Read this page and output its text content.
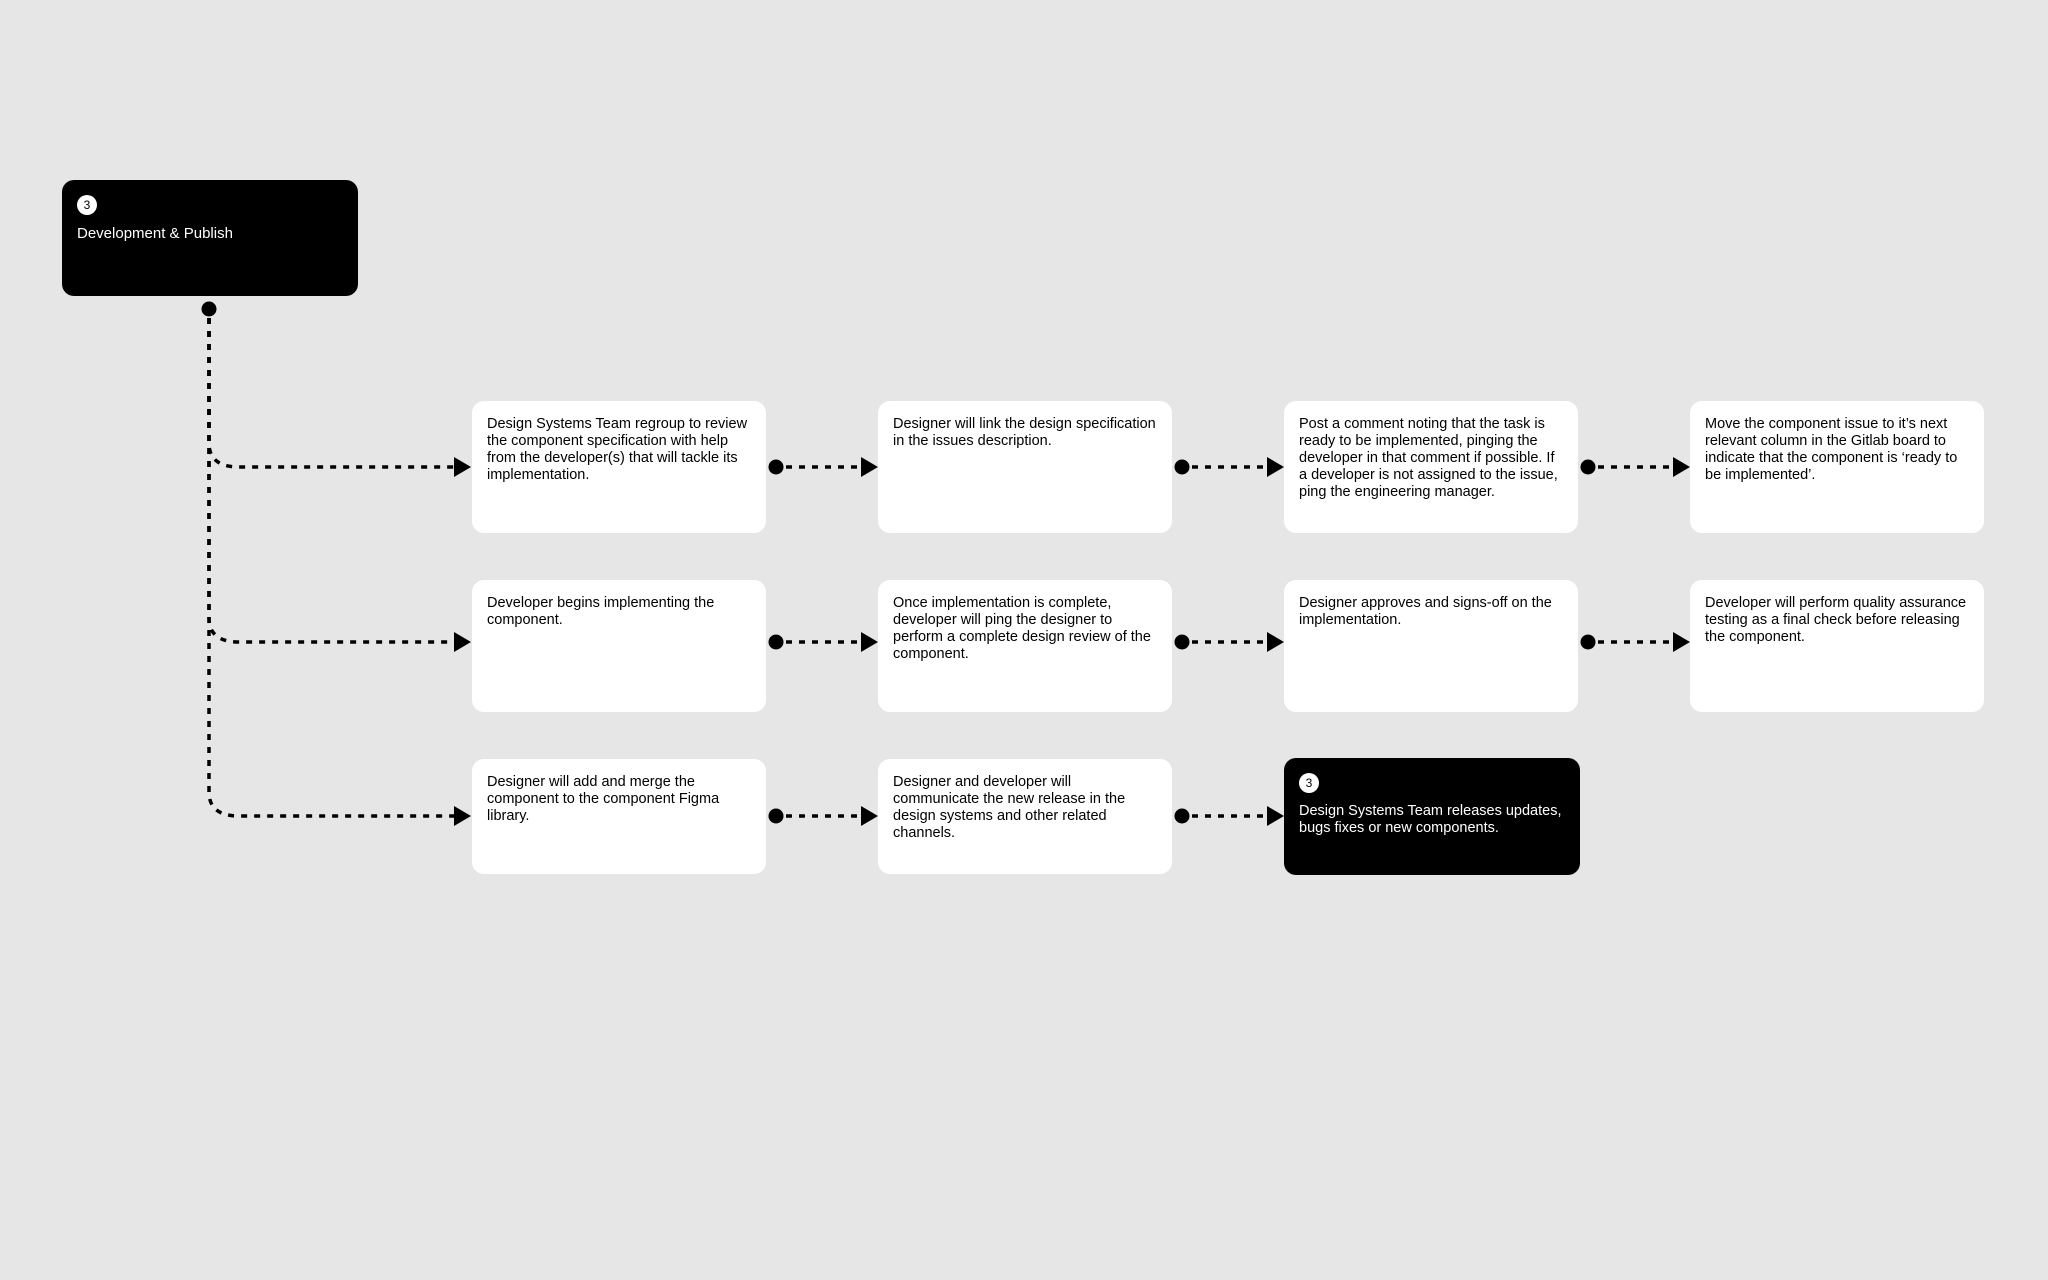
3
Development & Publish
Design Systems Team regroup to review the component specification with help from the developer(s) that will tackle its implementation.
Designer will link the design specification in the issues description.
Post a comment noting that the task is ready to be implemented, pinging the developer in that comment if possible. If a developer is not assigned to the issue, ping the engineering manager.
Move the component issue to it’s next relevant column in the Gitlab board to indicate that the component is ‘ready to be implemented’.
Developer begins implementing the component.
Once implementation is complete, developer will ping the designer to perform a complete design review of the component.
Designer approves and signs-off on the implementation.
Developer will perform quality assurance testing as a final check before releasing the component.
Designer will add and merge the component to the component Figma library.
Designer and developer will communicate the new release in the design systems and other related channels.
3
Design Systems Team releases updates, bugs fixes or new components.
